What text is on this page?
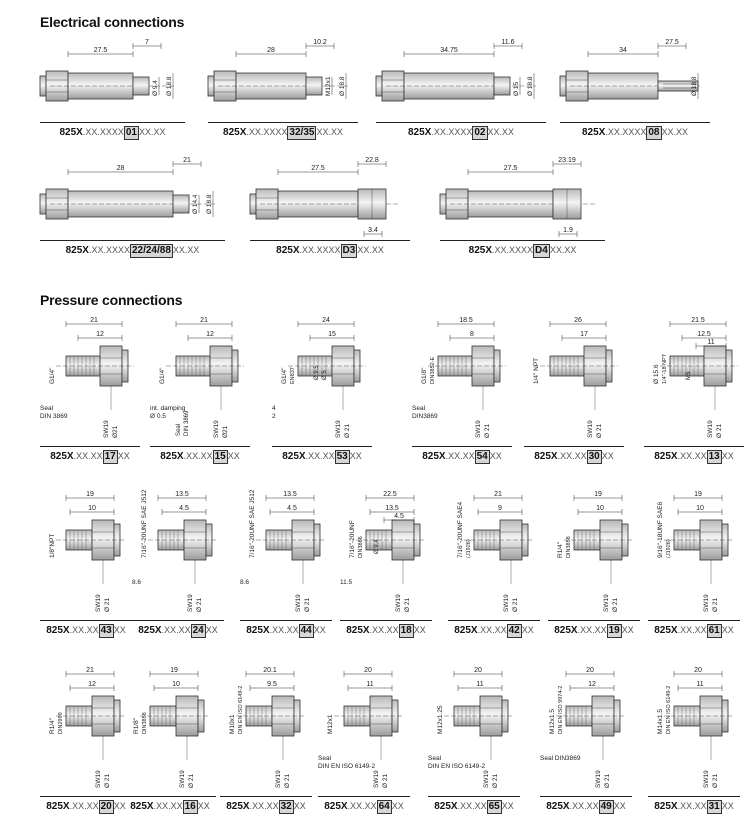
Electrical connections
Pressure connections
27.5
7
Ø 9.4 Ø 18.8
825X.XX.XXXX 01 XX.XX
28
10.2
M12x1 Ø 18.8
825X.XX.XXXX 32/35 XX.XX
34.75
11.6
Ø 15 Ø 18.8
825X.XX.XXXX 02 XX.XX
34
27.5
Ø 18.8
825X.XX.XXXX 08 XX.XX
28
21
Ø 14.4 Ø 18.8
825X.XX.XXXX 22/24/88 XX.XX
27.5
22.8
3.4
825X.XX.XXXX D3 XX.XX
27.5
23.19
1.9
825X.XX.XXXX D4 XX.XX
21
12
G1/4"
SW19 Ø21
Seal
DIN 3869
825X.XX.XX 17 XX
21
12
G1/4"
SW19 Ø21
int. damping
Ø 0.5
Seal DIN 3869
825X.XX.XX 15 XX
24
15
G1/4" EN837	Ø 9.5 Ø 5
SW19 Ø 21
4
2
825X.XX.XX 53 XX
18.5
8
G1/8" DIN3852-E
SW19 Ø 21
Seal
DIN3869
825X.XX.XX 54 XX
26
17
1/4" NPT
SW19 Ø 21
825X.XX.XX 30 XX
21.5
12.5
11
Ø 15.6 1/4"-18 NPT	M5
SW19 Ø 21
825X.XX.XX 13 XX
19
10
1/8"NPT
SW19 Ø 21
825X.XX.XX 43 XX
13.5
4.5
7/16"-20UNF SAE J512
SW19 Ø 21
8.6
825X.XX.XX 24 XX
13.5
4.5
7/16"-20UNF SAE J512
SW19 Ø 21
8.6
825X.XX.XX 44 XX
22.5
13.5
4.5
7/16"-20UNF DIN3866 Ø 9.4
SW19 Ø 21
11.5
825X.XX.XX 18 XX
21
9
7/16"-20UNF SAE4 (J1926)
SW19 Ø 21
825X.XX.XX 42 XX
19
10
R1/4" DIN3858
SW19 Ø 21
825X.XX.XX 19 XX
19
10
9/16"-18UNF SAE6 (J1926)
SW19 Ø 21
825X.XX.XX 61 XX
21
12
R1/4" DIN2999
SW19 Ø 21
825X.XX.XX 20 XX
19
10
R1/8" DIN3858
SW19 Ø 21
825X.XX.XX 16 XX
20.1
9.5
M10x1 DIN EN ISO 6149-2
SW19 Ø 21
825X.XX.XX 32 XX
20
11
M12x1
SW19 Ø 21
Seal
DIN EN ISO 6149-2
825X.XX.XX 64 XX
20
11
M12x1.25
SW19 Ø 21
Seal
DIN EN ISO 6149-2
825X.XX.XX 65 XX
20
12
M12x1.5 DIN EN ISO 9974-2
SW19 Ø 21
Seal DIN3869
825X.XX.XX 49 XX
20
11
M14x1.5 DIN EN ISO 6149-2
SW19 Ø 21
825X.XX.XX 31 XX
